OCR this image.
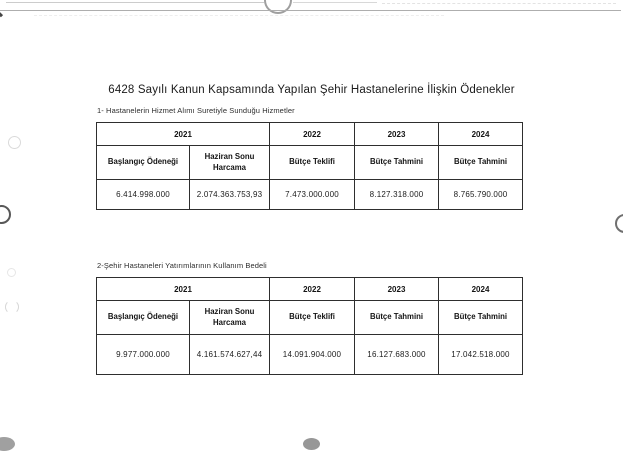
6428 Sayılı Kanun Kapsamında Yapılan Şehir Hastanelerine İlişkin Ödenekler

1- Hastanelerin Hizmet Alımı Suretiyle Sunduğu Hizmetler

2021		2022	2023	2024
Başlangıç Ödeneği	Haziran Sonu Harcama	Bütçe Teklifi	Bütçe Tahmini	Bütçe Tahmini
6.414.998.000	2.074.363.753,93	7.473.000.000	8.127.318.000	8.765.790.000

2-Şehir Hastaneleri Yatırımlarının Kullanım Bedeli

2021		2022	2023	2024
Başlangıç Ödeneği	Haziran Sonu Harcama	Bütçe Teklifi	Bütçe Tahmini	Bütçe Tahmini
9.977.000.000	4.161.574.627,44	14.091.904.000	16.127.683.000	17.042.518.000
